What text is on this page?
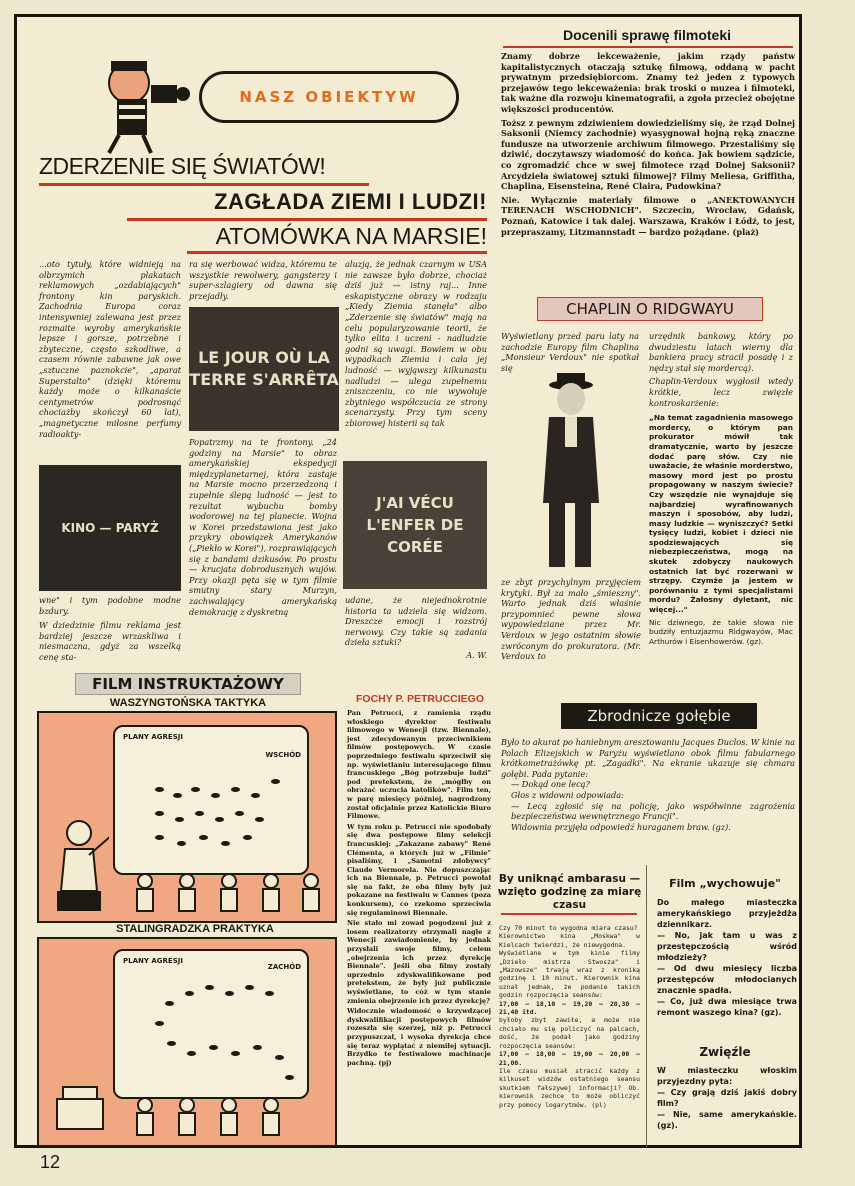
NASZ OBIEKTYW
ZDERZENIE SIĘ ŚWIATÓW!
ZAGŁADA ZIEMI I LUDZI!
ATOMÓWKA NA MARSIE!

...oto tytuły, które widnieją na olbrzymich plakatach reklamowych „ozdabiających" frontony kin paryskich. Zachodnia Europa coraz intensywniej zalewana jest przez rozmaite wyroby amerykańskie lepsze i gorsze, potrzebne i zbyteczne, często szkodliwe, a czasem równie zabawne jak owe „sztuczne paznokcie", „aparat Superstalto" (dzięki któremu każdy może o kilkanaście centymetrów podrosnąć chociażby skończył 60 lat), „magnetyczne miłosne perfumy radioakty-

KINO — PARYŻ

wne" i tym podobne modne bzdury.

W dziedzinie filmu reklama jest bardziej jeszcze wrzaskliwa i niesmaczna, gdyż za wszelką cenę sta-

ra się werbować widza, któremu te wszystkie rewolwery, gangsterzy i super-szlagiery od dawna się przejadły.

LE JOUR OÙ LA TERRE S'ARRÊTA

Popatrzmy na te frontony. „24 godziny na Marsie" to obraz amerykańskiej ekspedycji międzyplanetarnej, która zastaje na Marsie mocno przerzedzoną i zupełnie ślepą ludność — jest to rezultat wybuchu bomby wodorowej na tej planecie. Wojna w Korei przedstawiona jest jako przykry obowiązek Amerykanów („Piekło w Korei"), rozprawiających się z bandami dzikusów. Po prostu — krucjata dobrodusznych wujów. Przy okazji pęta się w tym filmie smutny stary Murzyn, zachwalający amerykańską demokrację z dyskretną

aluzją, że jednak czarnym w USA nie zawsze było dobrze, chociaż dziś już — istny raj... Inne eskapistyczne obrazy w rodzaju „Kiedy Ziemia stanęła" albo „Zderzenie się światów" mają na celu popularyzowanie teorii, że tylko elita i uczeni - nadludzie godni są uwagi. Bowiem w obu wypadkach Ziemia i cała jej ludność — wyjąwszy kilkunastu nadludzi — ulega zupełnemu zniszczeniu, co nie wywołuje zbytniego współczucia ze strony scenarzysty. Przy tym sceny zbiorowej histerii są tak

J'AI VÉCU L'ENFER DE CORÉE

udane, że niejednokrotnie historia ta udziela się widzom. Dreszcze emocji i rozstrój nerwowy. Czy takie są zadania dzieła sztuki?

A. W.

Docenili sprawę filmoteki

Znamy dobrze lekceważenie, jakim rządy państw kapitalistycznych otaczają sztukę filmową, oddaną w pacht prywatnym przedsiębiorcom. Znamy też jeden z typowych przejawów tego lekceważenia: brak troski o muzea i filmoteki, tak ważne dla rozwoju kinematografii, a zgoła przecież obojętne większości producentów.

Toższ z pewnym zdziwieniem dowiedzieliśmy się, że rząd Dolnej Saksonii (Niemcy zachodnie) wyasygnował hojną ręką znaczne fundusze na utworzenie archiwum filmowego. Przestaliśmy się dziwić, doczytawszy wiadomość do końca. Jak bowiem sądzicie, co zgromadzić chce w swej filmotece rząd Dolnej Saksonii? Arcydzieła światowej sztuki filmowej? Filmy Meliesa, Griffitha, Chaplina, Eisensteina, René Claira, Pudowkina?

Nie. Wyłącznie materiały filmowe o „ANEKTOWANYCH TERENACH WSCHODNICH". Szczecin, Wrocław, Gdańsk, Poznań, Katowice i tak dalej. Warszawa, Kraków i Łódź, to jest, przepraszamy, Litzmannstadt — bardzo pożądane. (plaż)

CHAPLIN O RIDGWAYU

Wyświetlany przed paru laty na zachodzie Europy film Chaplina „Monsieur Verdoux" nie spotkał się

ze zbyt przychylnym przyjęciem krytyki. Był za mało „śmieszny". Warto jednak dziś właśnie przypomnieć pewne słowa wypowiedziane przez Mr. Verdoux w jego ostatnim słowie zwróconym do prokuratora. (Mr. Verdoux to

urzędnik bankowy, który po dwudziestu latach wierny dla bankiera pracy stracił posadę i z nędzy stał się mordercą).

Chaplin-Verdoux wygłosił wtedy krótkie, lecz zwięzłe kontroskarżenie:

„Na temat zagadnienia masowego mordercy, o którym pan prokurator mówił tak dramatycznie, warto by jeszcze dodać parę słów. Czy nie uważacie, że właśnie morderstwo, masowy mord jest po prostu propagowany w naszym świecie? Czy wszędzie nie wynajduje się najbardziej wyrafinowanych maszyn i sposobów, aby ludzi, masy ludzkie — wyniszczyć? Setki tysięcy ludzi, kobiet i dzieci nie spodziewających się niebezpieczeństwa, mogą na skutek zdobyczy naukowych ostatnich lat być rozerwani w strzępy. Czymże ja jestem w porównaniu z tymi specjalistami mordu? Żałosny dyletant, nic więcej..."

Nic dziwnego, że takie słowa nie budziły entuzjazmu Ridgwayów, Mac Arthurów i Eisenhowerów. (gz).

FILM INSTRUKTAŻOWY
WASZYNGTOŃSKA TAKTYKA
PLANY AGRESJI
WSCHÓD
STALINGRADZKA PRAKTYKA
PLANY AGRESJI
ZACHÓD
FOCHY P. PETRUCCIEGO

Pan Petrucci, z ramienia rządu włoskiego dyrektor festiwalu filmowego w Wenecji (tzw. Biennale), jest zdecydowanym przeciwnikiem filmów postępowych. W czasie poprzedniego festiwalu sprzeciwił się np. wyświetlaniu interesującego filmu francuskiego „Bóg potrzebuje ludzi" pod pretekstem, że „mógłby on obrażać uczucia katolików". Film ten, w parę miesięcy później, nagrodzony został oficjalnie przez Katolickie Biuro Filmowe.

W tym roku p. Petrucci nie spodobały się dwa postępowe filmy selekcji francuskiej: „Zakazane zabawy" René Clémenta, o których już w „Filmie" pisaliśmy, i „Samotni zdobywcy" Claude Vermorela. Nie dopuszczając ich na Biennale, p. Petrucci powołał się na fakt, że oba filmy były już pokazane na festiwalu w Cannes (poza konkursem), co rzekomo sprzeciwia się regulaminowi Biennale.

Nie stało mi zowad pogodzeni już z losem realizatorzy otrzymali nagle z Wenecji zawiadomienie, by jednak przysłali swoje filmy, celem „obejrzenia ich przez dyrekcję Biennale". Jeśli oba filmy zostały uprzednio zdyskwalifikowane pod pretekstem, że były już publicznie wyświetlane, to cóż w tym stanie zmienia obejrzenie ich przez dyrekcję?

Widocznie wiadomość o krzywdzącej dyskwalifikacji postępowych filmów rozeszła się szerzej, niż p. Petrucci przypuszczał, i wysoka dyrekcja chce się teraz wyplątać z niemiłej sytuacji. Brzydko te festiwalowe machinacje pachną. (pj)

Zbrodnicze gołębie

Było to akurat po haniebnym aresztowaniu Jacques Duclos. W kinie na Polach Elizejskich w Paryżu wyświetlano obok filmu fabularnego krótkometrażówkę pt. „Zagadki". Na ekranie ukazuje się chmara gołębi. Pada pytanie:

— Dokąd one lecą?

Głos z widowni odpowiada:

— Lecą zgłosić się na policję, jako współwinne zagrożenia bezpieczeństwa wewnętrznego Francji".

Widownia przyjęła odpowiedź huraganem braw. (gz).

By uniknąć ambarasu — wzięto godzinę za miarę czasu

Czy 70 minut to wygodna miara czasu?

Kierownictwo kina „Moskwa" w Kielcach twierdzi, że niewygodna.

Wyświetlane w tym kinie filmy „Dzieło mistrza Stwosza" i „Mazowsze" trwają wraz z kroniką godzinę i 10 minut. Kierownik kina uznał jednak, że podanie takich godzin rozpoczęcia seansów:

17,00 — 18,10 — 19,20 — 20,30 — 21,40 itd.

byłoby zbyt zawiłe, a może nie chciało mu się policzyć na palcach, dość, że podał jako godziny rozpoczęcia seansów:

17,00 — 18,00 — 19,00 — 20,00 — 21,00.

Ile czasu musiał stracić każdy z kilkuset widzów ostatniego seansu skutkiem fałszywej informacji? Ob. kierownik zechce to może obliczyć przy pomocy logarytmów. (pl)

Film „wychowuje"

Do małego miasteczka amerykańskiego przyjeżdża dziennikarz.

— No, jak tam u was z przestępczością wśród młodzieży?

— Od dwu miesięcy liczba przestępców młodocianych znacznie spadła.

— Co, już dwa miesiące trwa remont waszego kina? (gz).

Zwięźle

W miasteczku włoskim przyjezdny pyta:

— Czy grają dziś jakiś dobry film?

— Nie, same amerykańskie. (gz).

12
